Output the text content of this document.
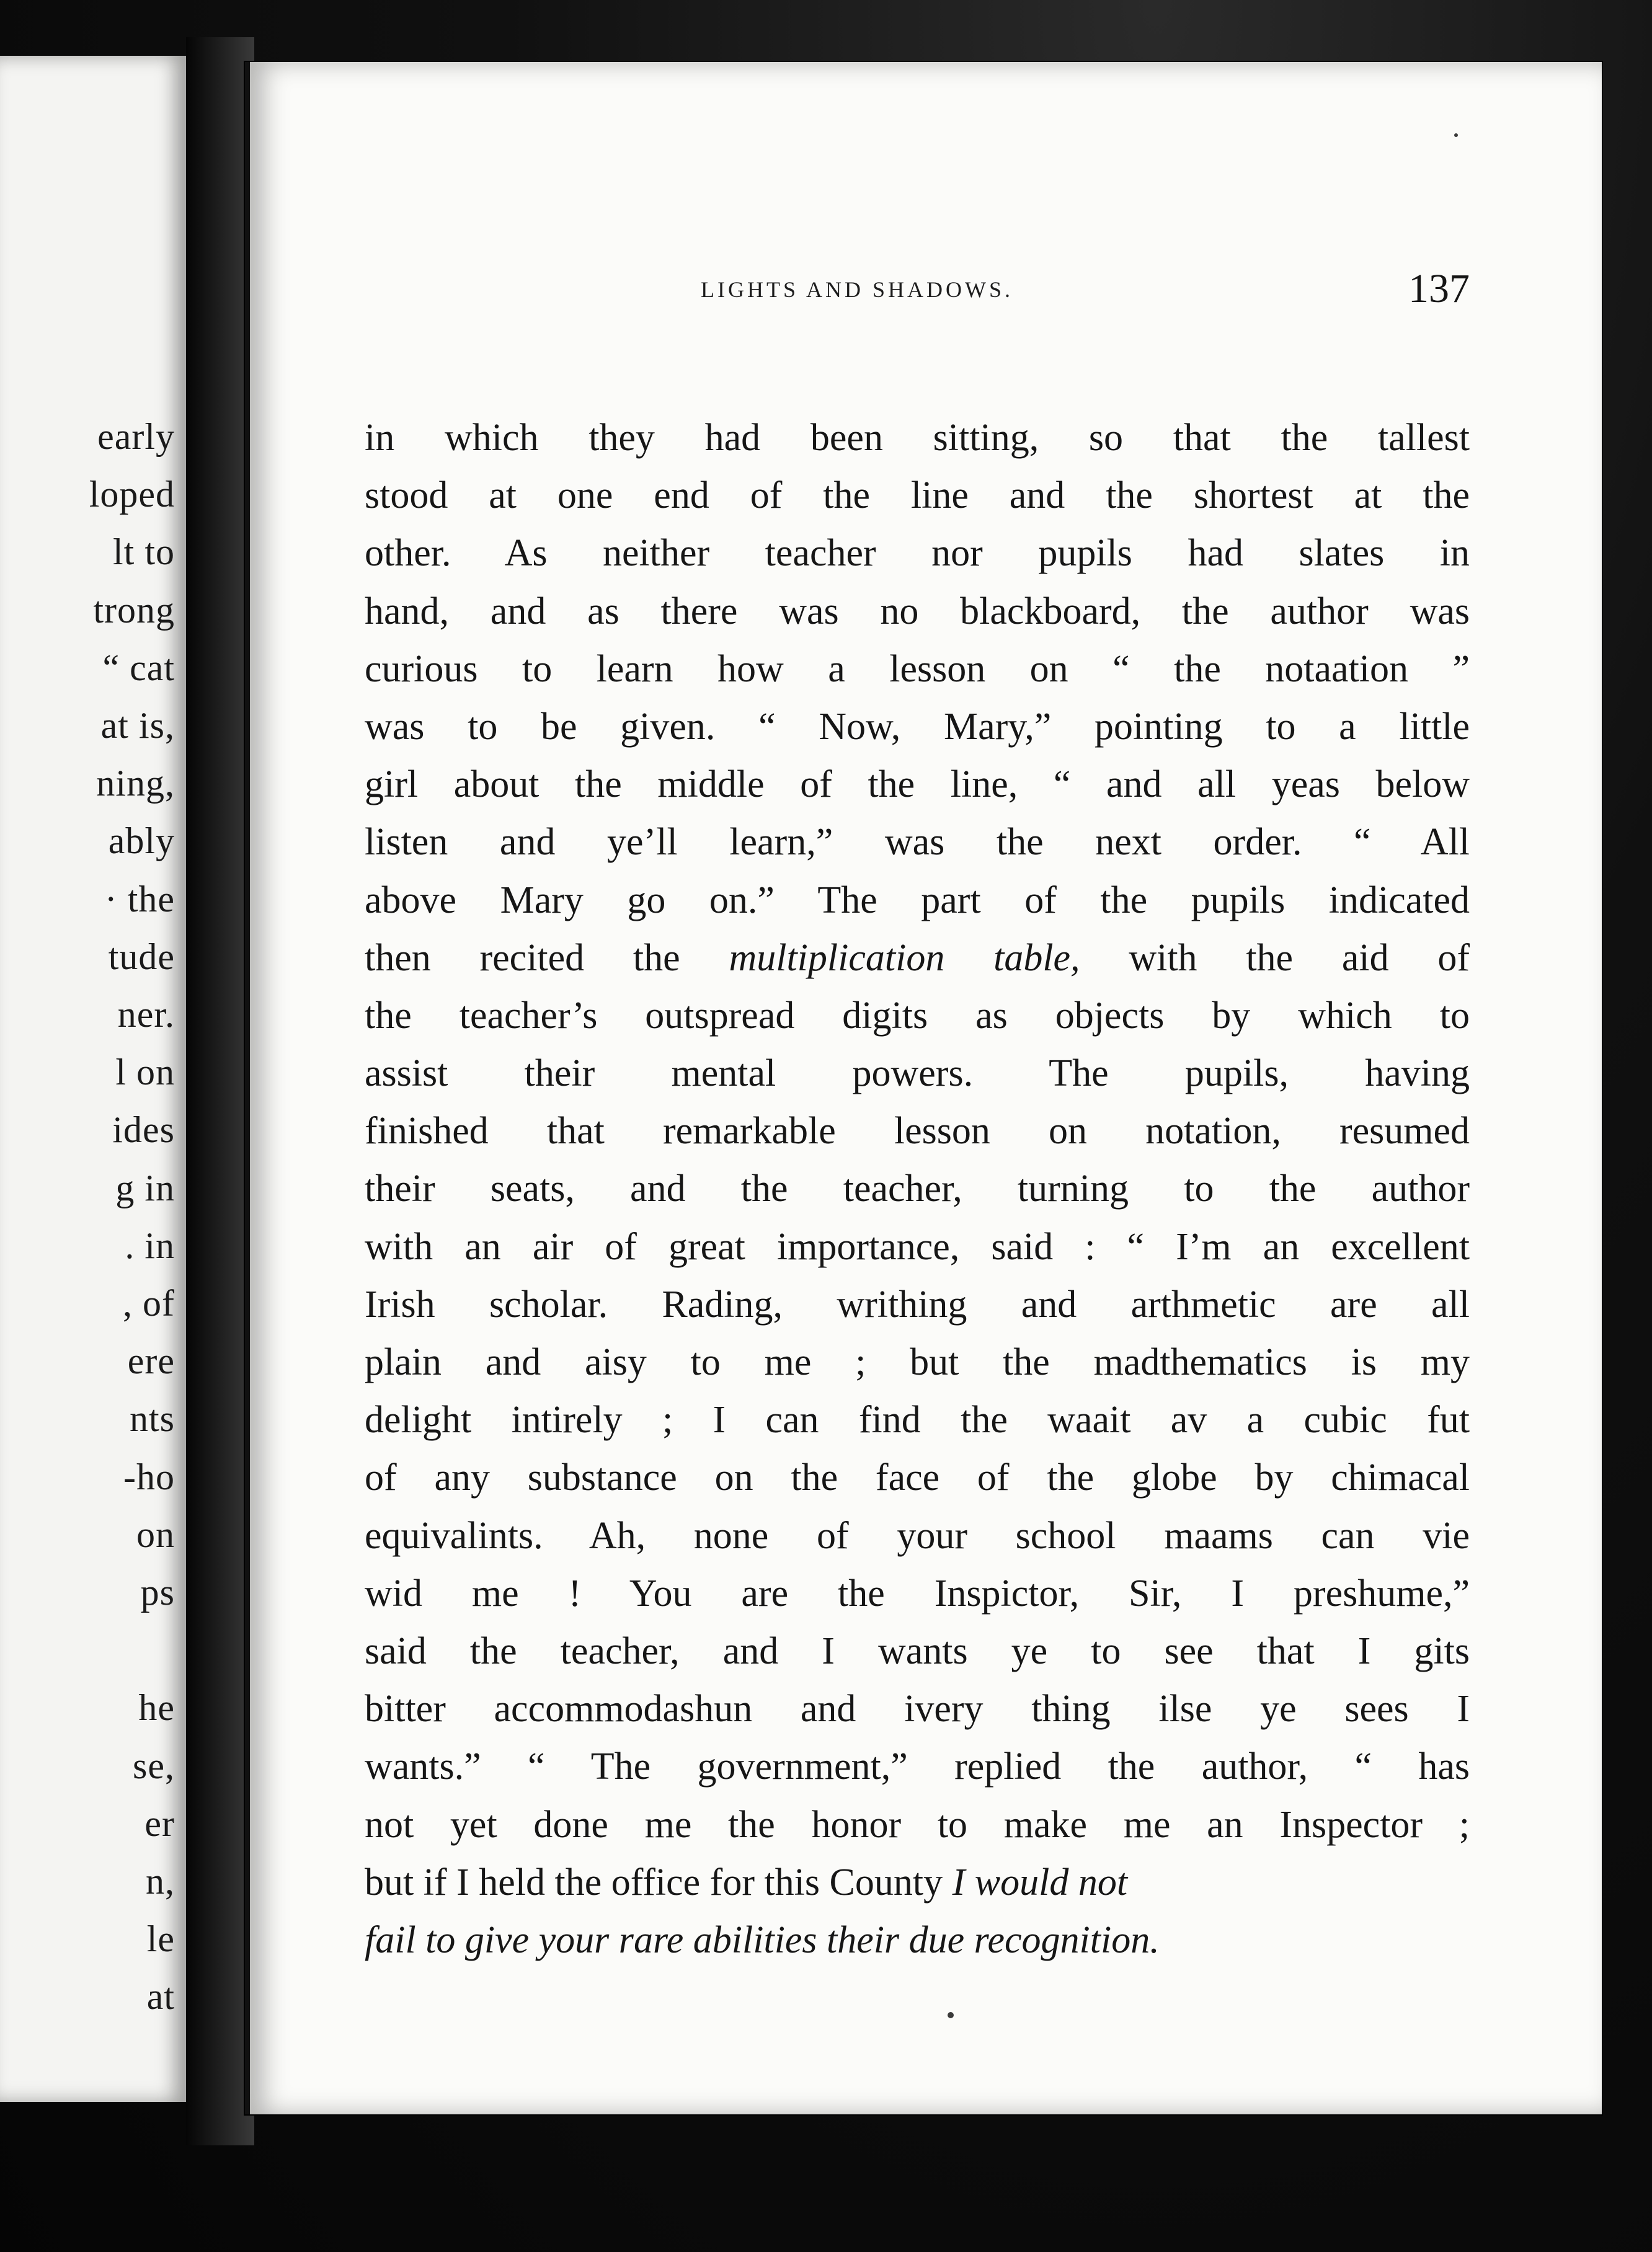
early
loped
lt to
trong
“ cat
at is,
ning,
ably
· the
tude
ner.
l on
ides
g in
. in
, of
ere
nts
-ho
on
ps
he
se,
er
n,
le
at
LIGHTS AND SHADOWS.	137
in which they had been sitting, so that the tallest
stood at one end of the line and the shortest at the
other. As neither teacher nor pupils had slates in
hand, and as there was no blackboard, the author was
curious to learn how a lesson on “ the notaation ”
was to be given. “ Now, Mary,” pointing to a little
girl about the middle of the line, “ and all yeas below
listen and ye’ll learn,” was the next order. “ All
above Mary go on.” The part of the pupils indicated
then recited the multiplication table, with the aid of
the teacher’s outspread digits as objects by which to
assist their mental powers. The pupils, having
finished that remarkable lesson on notation, resumed
their seats, and the teacher, turning to the author
with an air of great importance, said : “ I’m an excellent
Irish scholar. Rading, writhing and arthmetic are all
plain and aisy to me ; but the madthematics is my
delight intirely ; I can find the waait av a cubic fut
of any substance on the face of the globe by chimacal
equivalints. Ah, none of your school maams can vie
wid me ! You are the Inspictor, Sir, I preshume,”
said the teacher, and I wants ye to see that I gits
bitter accommodashun and ivery thing ilse ye sees I
wants.” “ The government,” replied the author, “ has
not yet done me the honor to make me an Inspector ;
but if I held the office for this County I would not
fail to give your rare abilities their due recognition.
